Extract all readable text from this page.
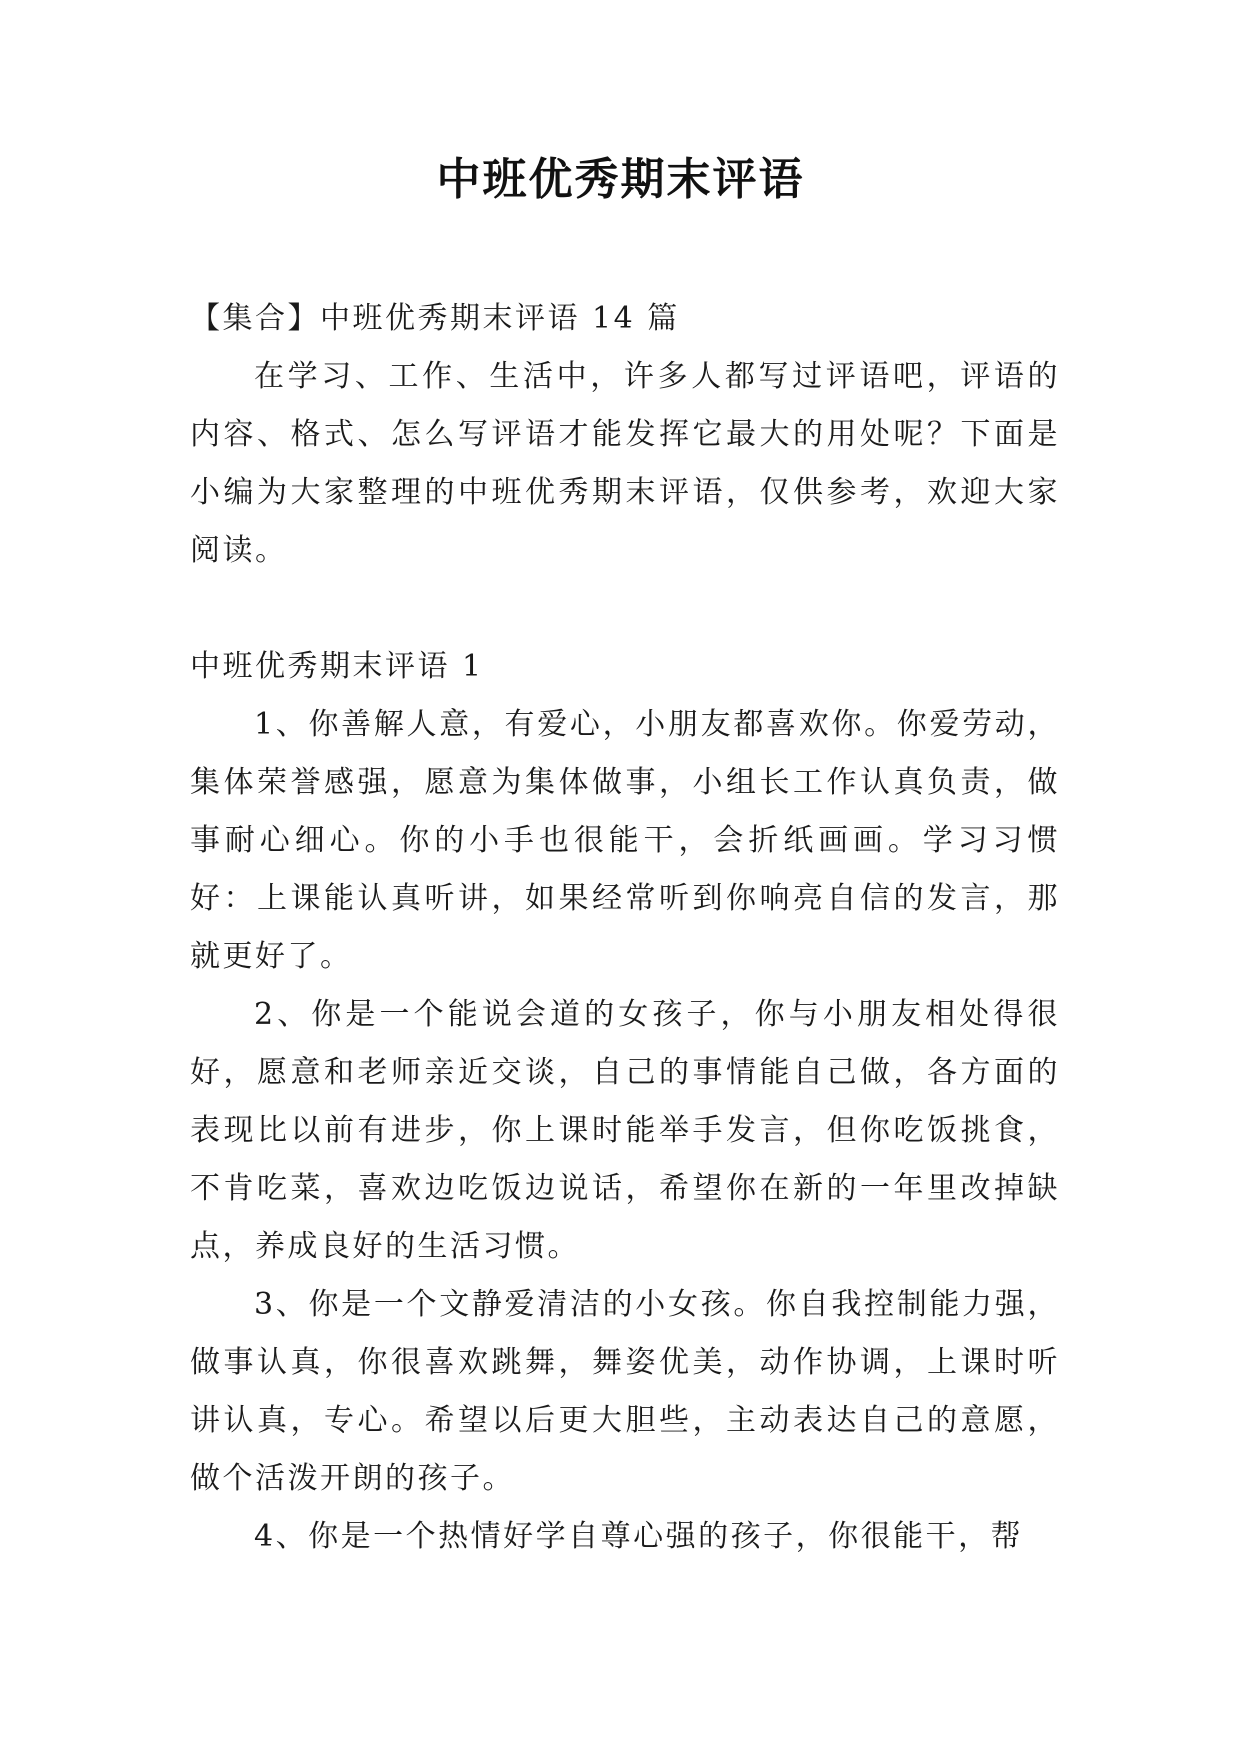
中班优秀期末评语

【集合】中班优秀期末评语 14 篇

在学习、工作、生活中，许多人都写过评语吧，评语的内容、格式、怎么写评语才能发挥它最大的用处呢？下面是小编为大家整理的中班优秀期末评语，仅供参考，欢迎大家阅读。

中班优秀期末评语 1

1、你善解人意，有爱心，小朋友都喜欢你。你爱劳动，集体荣誉感强，愿意为集体做事，小组长工作认真负责，做事耐心细心。你的小手也很能干，会折纸画画。学习习惯好：上课能认真听讲，如果经常听到你响亮自信的发言，那就更好了。

2、你是一个能说会道的女孩子，你与小朋友相处得很好，愿意和老师亲近交谈，自己的事情能自己做，各方面的表现比以前有进步，你上课时能举手发言，但你吃饭挑食，不肯吃菜，喜欢边吃饭边说话，希望你在新的一年里改掉缺点，养成良好的生活习惯。

3、你是一个文静爱清洁的小女孩。你自我控制能力强，做事认真，你很喜欢跳舞，舞姿优美，动作协调，上课时听讲认真，专心。希望以后更大胆些，主动表达自己的意愿，做个活泼开朗的孩子。

4、你是一个热情好学自尊心强的孩子，你很能干，帮
